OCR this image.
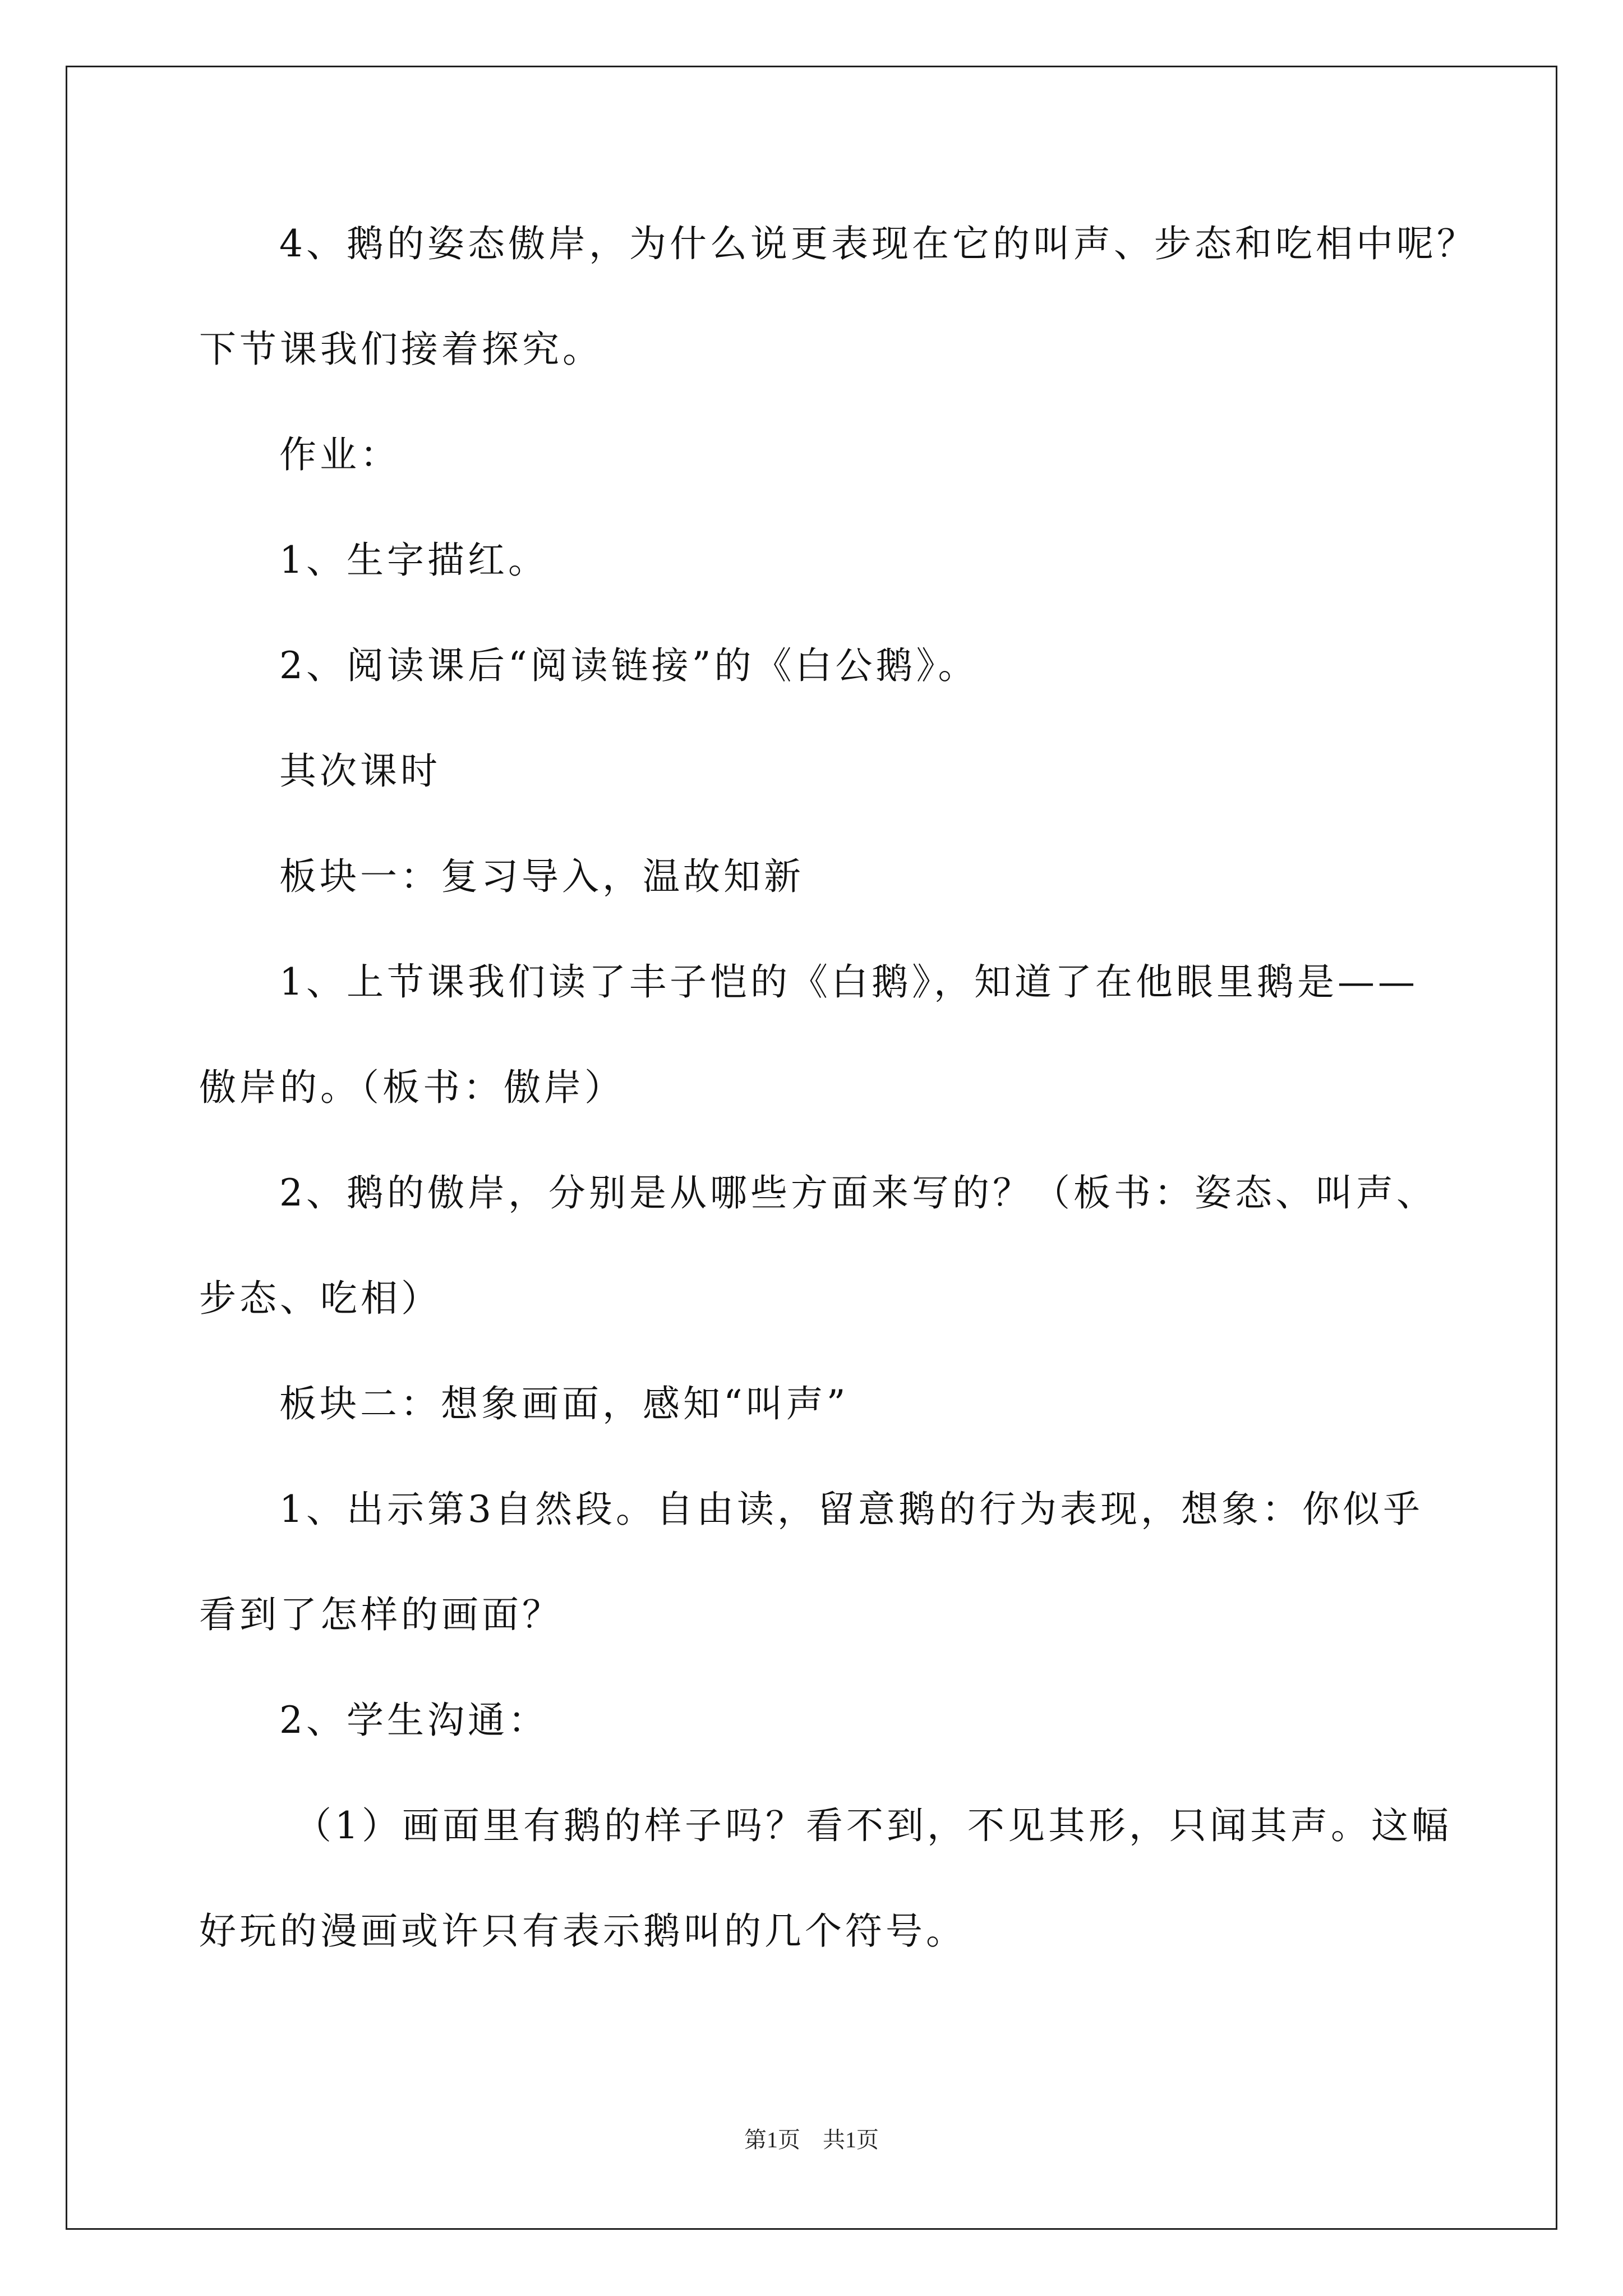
4、鹅的姿态傲岸，为什么说更表现在它的叫声、步态和吃相中呢？
下节课我们接着探究。
作业：
1、生字描红。
2、阅读课后“阅读链接”的《白公鹅》。
其次课时
板块一：复习导入，温故知新
1、上节课我们读了丰子恺的《白鹅》，知道了在他眼里鹅是——
傲岸的。（板书：傲岸）
2、鹅的傲岸，分别是从哪些方面来写的？（板书：姿态、叫声、
步态、吃相）
板块二：想象画面，感知“叫声”
1、出示第3自然段。自由读，留意鹅的行为表现，想象：你似乎
看到了怎样的画面？
2、学生沟通：
（1）画面里有鹅的样子吗？看不到，不见其形，只闻其声。这幅
好玩的漫画或许只有表示鹅叫的几个符号。
第1页　共1页
